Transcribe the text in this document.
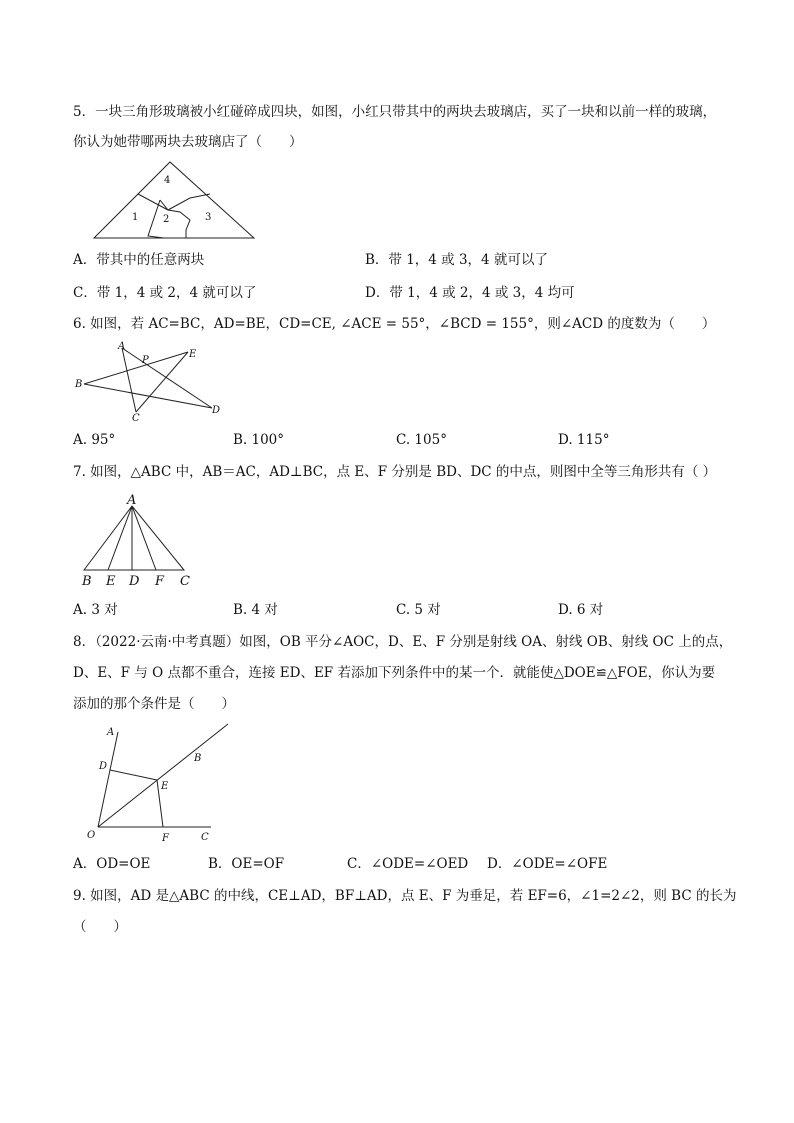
5．一块三角形玻璃被小红碰碎成四块，如图，小红只带其中的两块去玻璃店，买了一块和以前一样的玻璃，
你认为她带哪两块去玻璃店了（　　）
4
1 2	3
A．带其中的任意两块	B．带 1，4 或 3，4 就可以了
C．带 1，4 或 2，4 就可以了	D．带 1，4 或 2，4 或 3，4 均可
6. 如图，若 AC=BC，AD=BE，CD=CE, ∠ACE = 55°，∠BCD = 155°，则∠ACD 的度数为（　　）
A
P
E
B
C
D
A. 95°	B. 100°	C. 105°	D. 115°
7. 如图，△ABC 中，AB＝AC，AD⊥BC，点 E、F 分别是 BD、DC 的中点，则图中全等三角形共有（ ）
A
B E D F C
A. 3 对	B. 4 对	C. 5 对	D. 6 对
8．（2022·云南·中考真题）如图，OB 平分∠AOC，D、E、F 分别是射线 OA、射线 OB、射线 OC 上的点，
D、E、F 与 O 点都不重合，连接 ED、EF 若添加下列条件中的某一个．就能使△DOE≌△FOE，你认为要
添加的那个条件是（　　）
A
D
B
E
O	F	C
A．OD=OE	B．OE=OF	C．∠ODE=∠OED D．∠ODE=∠OFE
9. 如图，AD 是△ABC 的中线，CE⊥AD，BF⊥AD，点 E、F 为垂足，若 EF=6，∠1=2∠2，则 BC 的长为
（　　）
